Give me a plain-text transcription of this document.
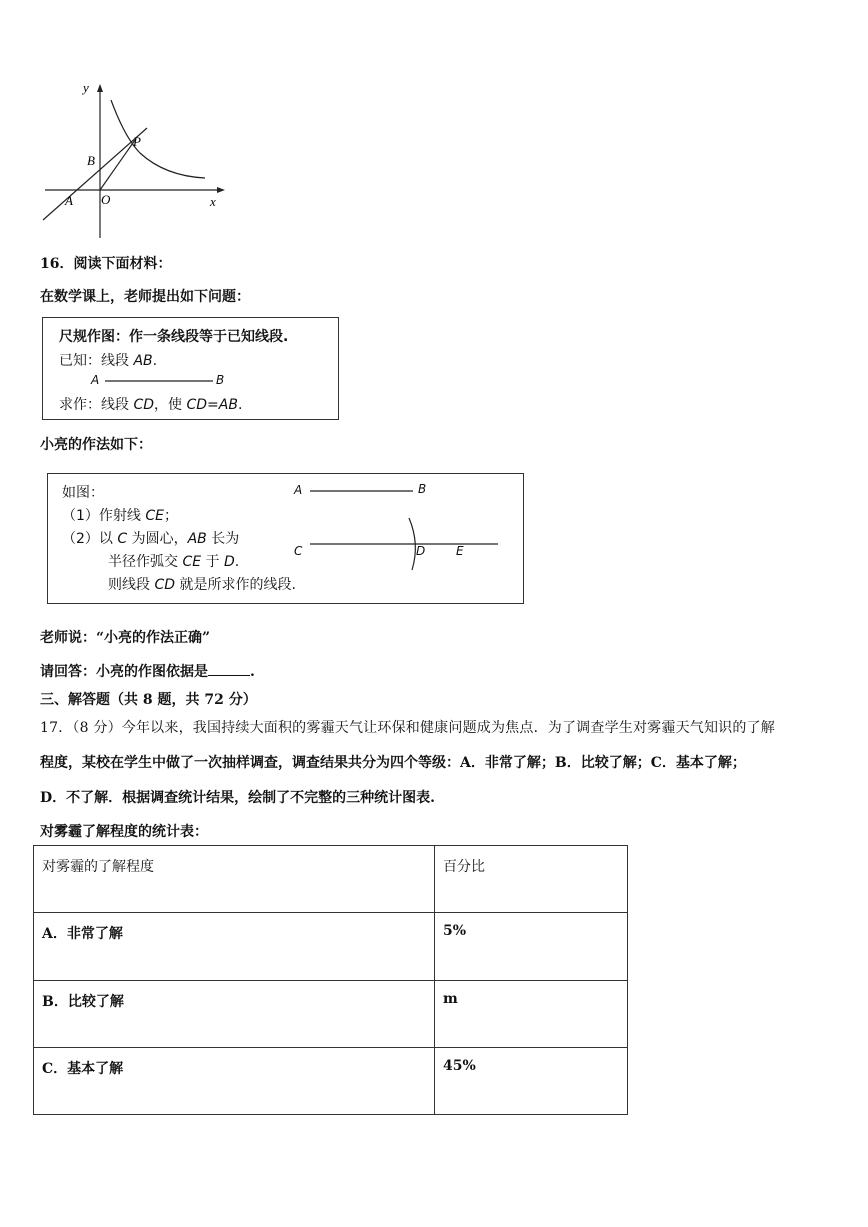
y
x
P
B
A O
16．阅读下面材料：
在数学课上，老师提出如下问题：
尺规作图：作一条线段等于已知线段.
已知：线段 AB.
A	B
求作：线段 CD，使 CD=AB.
小亮的作法如下：
如图：
（1）作射线 CE；
（2）以 C 为圆心，AB 长为
半径作弧交 CE 于 D.
则线段 CD 就是所求作的线段.
A	B
C	D	E
老师说：“小亮的作法正确”
请回答：小亮的作图依据是	.
三、解答题（共 8 题，共 72 分）
17．（8 分）今年以来，我国持续大面积的雾霾天气让环保和健康问题成为焦点．为了调查学生对雾霾天气知识的了解
程度，某校在学生中做了一次抽样调查，调查结果共分为四个等级：A．非常了解；B．比较了解；C．基本了解；
D．不了解．根据调查统计结果，绘制了不完整的三种统计图表.
对雾霾了解程度的统计表：
对雾霾的了解程度	百分比
A．非常了解	5%
B．比较了解	m
C．基本了解	45%
